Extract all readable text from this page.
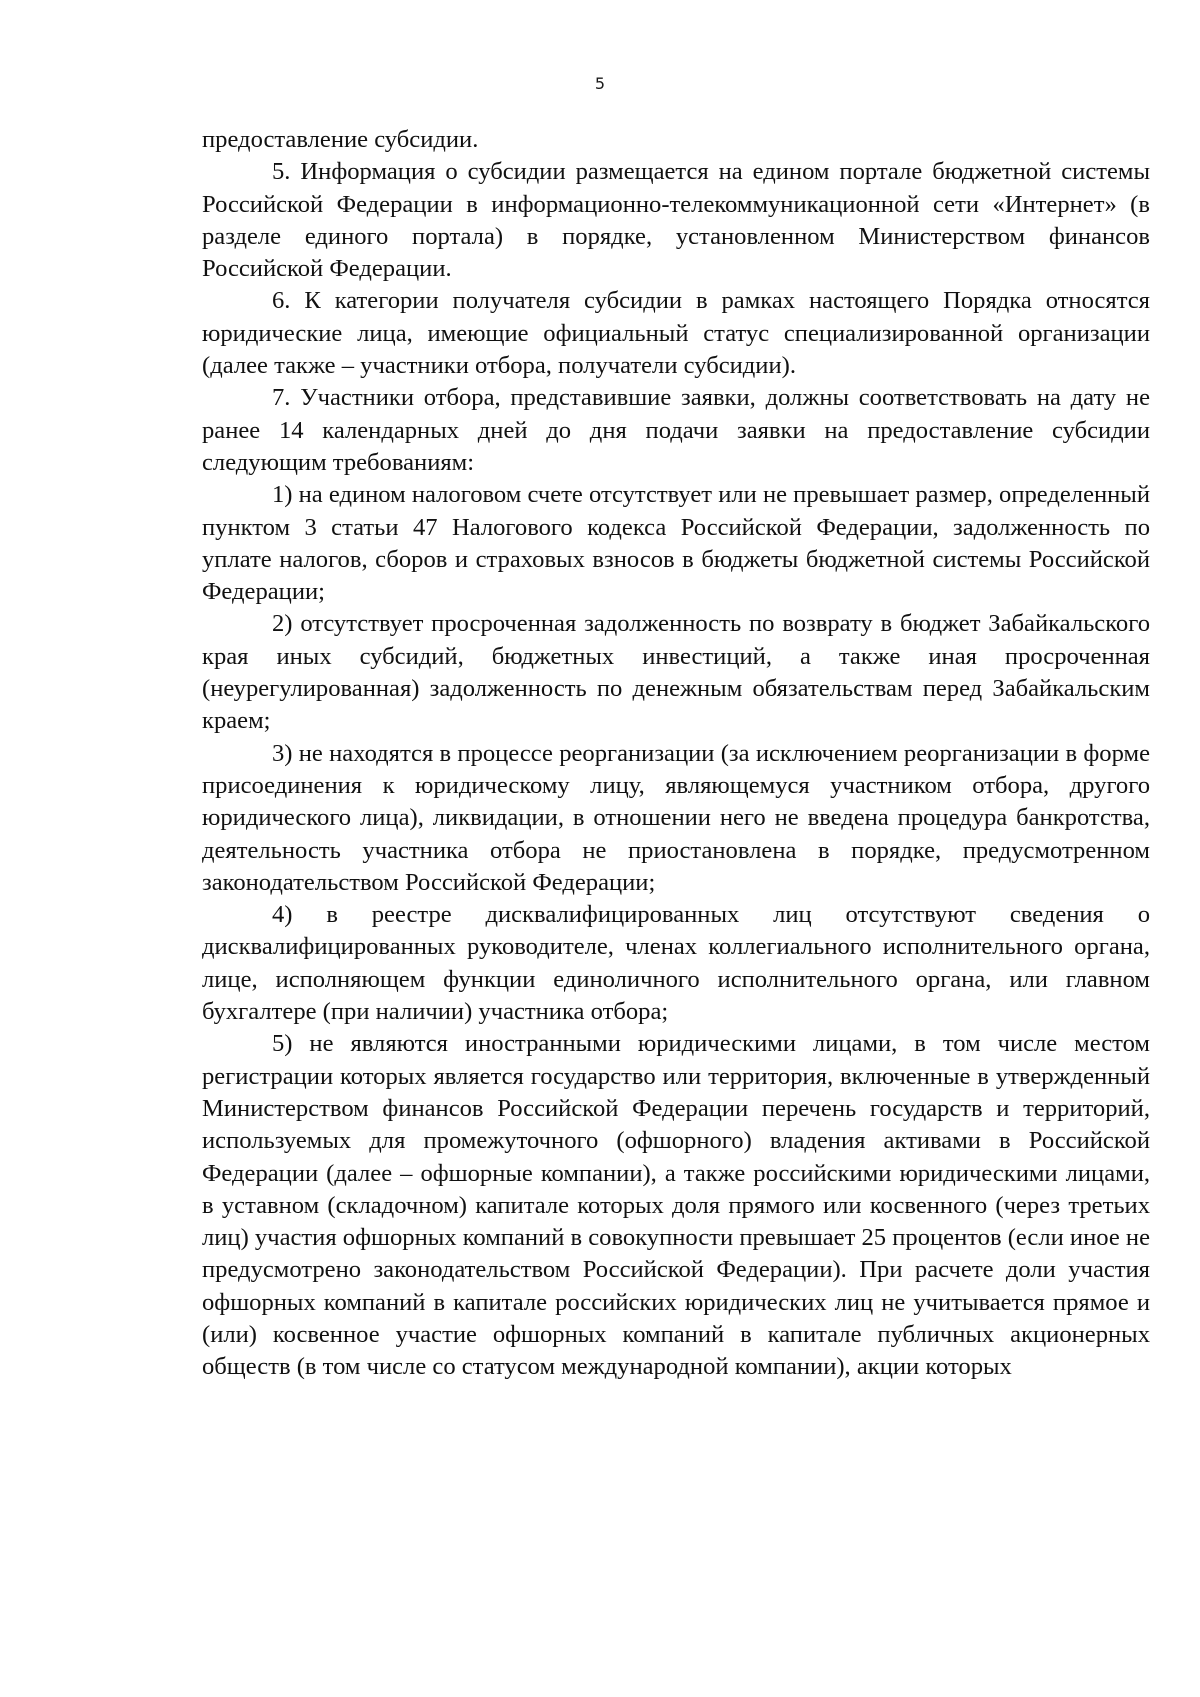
5

предоставление субсидии.

5. Информация о субсидии размещается на едином портале бюджетной системы Российской Федерации в информационно-телекоммуникационной сети «Интернет» (в разделе единого портала) в порядке, установленном Министерством финансов Российской Федерации.

6. К категории получателя субсидии в рамках настоящего Порядка относятся юридические лица, имеющие официальный статус специализированной организации (далее также – участники отбора, получатели субсидии).

7. Участники отбора, представившие заявки, должны соответствовать на дату не ранее 14 календарных дней до дня подачи заявки на предоставление субсидии следующим требованиям:

1) на едином налоговом счете отсутствует или не превышает размер, определенный пунктом 3 статьи 47 Налогового кодекса Российской Федерации, задолженность по уплате налогов, сборов и страховых взносов в бюджеты бюджетной системы Российской Федерации;

2) отсутствует просроченная задолженность по возврату в бюджет Забайкальского края иных субсидий, бюджетных инвестиций, а также иная просроченная (неурегулированная) задолженность по денежным обязательствам перед Забайкальским краем;

3) не находятся в процессе реорганизации (за исключением реорганизации в форме присоединения к юридическому лицу, являющемуся участником отбора, другого юридического лица), ликвидации, в отношении него не введена процедура банкротства, деятельность участника отбора не приостановлена в порядке, предусмотренном законодательством Российской Федерации;

4) в реестре дисквалифицированных лиц отсутствуют сведения о дисквалифицированных руководителе, членах коллегиального исполнительного органа, лице, исполняющем функции единоличного исполнительного органа, или главном бухгалтере (при наличии) участника отбора;

5) не являются иностранными юридическими лицами, в том числе местом регистрации которых является государство или территория, включенные в утвержденный Министерством финансов Российской Федерации перечень государств и территорий, используемых для промежуточного (офшорного) владения активами в Российской Федерации (далее – офшорные компании), а также российскими юридическими лицами, в уставном (складочном) капитале которых доля прямого или косвенного (через третьих лиц) участия офшорных компаний в совокупности превышает 25 процентов (если иное не предусмотрено законодательством Российской Федерации). При расчете доли участия офшорных компаний в капитале российских юридических лиц не учитывается прямое и (или) косвенное участие офшорных компаний в капитале публичных акционерных обществ (в том числе со статусом международной компании), акции которых
